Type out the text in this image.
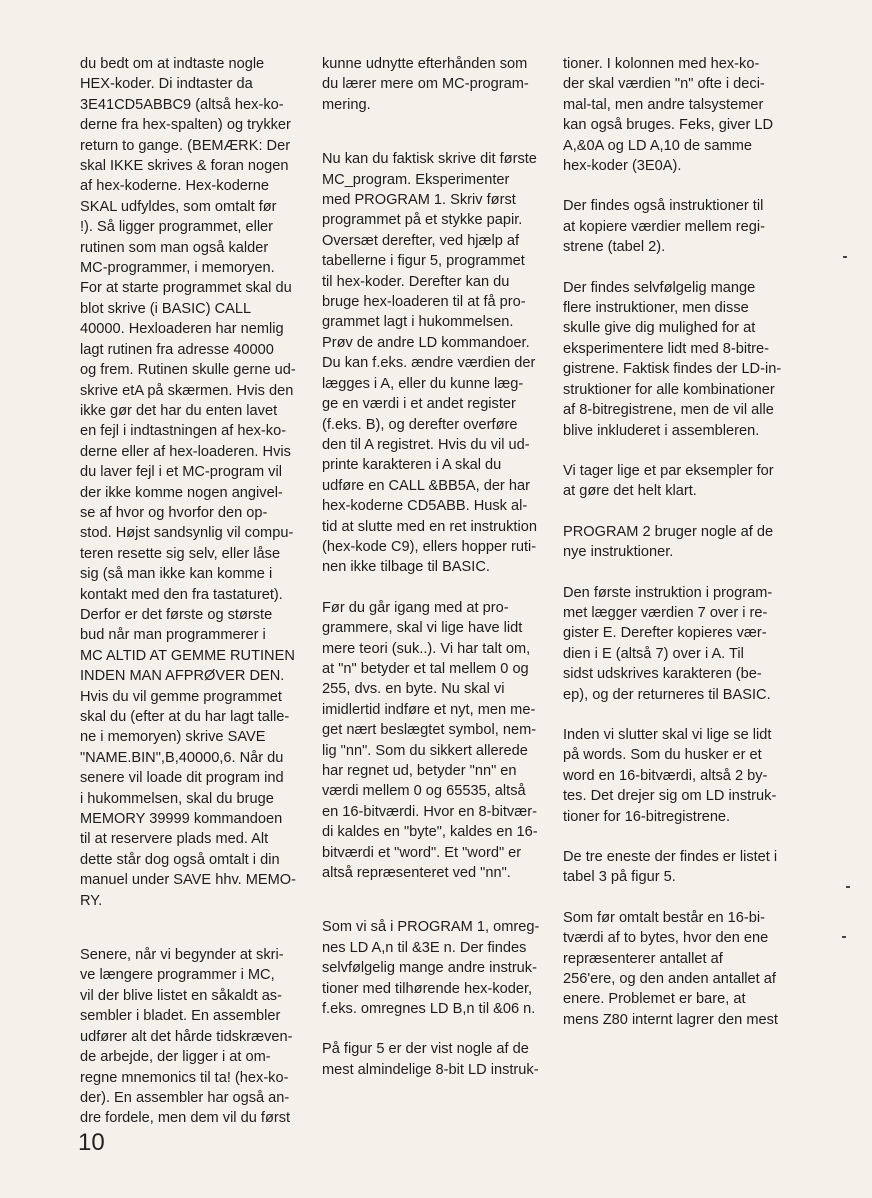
du bedt om at indtaste nogle
HEX-koder. Di indtaster da
3E41CD5ABBC9 (altså hex-ko-
derne fra hex-spalten) og trykker
return to gange. (BEMÆRK: Der
skal IKKE skrives & foran nogen
af hex-koderne. Hex-koderne
SKAL udfyldes, som omtalt før
!). Så ligger programmet, eller
rutinen som man også kalder
MC-programmer, i memoryen.
For at starte programmet skal du
blot skrive (i BASIC) CALL
40000. Hexloaderen har nemlig
lagt rutinen fra adresse 40000
og frem. Rutinen skulle gerne ud-
skrive etA på skærmen. Hvis den
ikke gør det har du enten lavet
en fejl i indtastningen af hex-ko-
derne eller af hex-loaderen. Hvis
du laver fejl i et MC-program vil
der ikke komme nogen angivel-
se af hvor og hvorfor den op-
stod. Højst sandsynlig vil compu-
teren resette sig selv, eller låse
sig (så man ikke kan komme i
kontakt med den fra tastaturet).
Derfor er det første og største
bud når man programmerer i
MC ALTID AT GEMME RUTINEN
INDEN MAN AFPRØVER DEN.
Hvis du vil gemme programmet
skal du (efter at du har lagt talle-
ne i memoryen) skrive SAVE
"NAME.BIN",B,40000,6. Når du
senere vil loade dit program ind
i hukommelsen, skal du bruge
MEMORY 39999 kommandoen
til at reservere plads med. Alt
dette står dog også omtalt i din
manuel under SAVE hhv. MEMO-
RY.
Senere, når vi begynder at skri-
ve længere programmer i MC,
vil der blive listet en såkaldt as-
sembler i bladet. En assembler
udfører alt det hårde tidskræven-
de arbejde, der ligger i at om-
regne mnemonics til ta! (hex-ko-
der). En assembler har også an-
dre fordele, men dem vil du først
kunne udnytte efterhånden som
du lærer mere om MC-program-
mering.
Nu kan du faktisk skrive dit første
MC_program. Eksperimenter
med PROGRAM 1. Skriv først
programmet på et stykke papir.
Oversæt derefter, ved hjælp af
tabellerne i figur 5, programmet
til hex-koder. Derefter kan du
bruge hex-loaderen til at få pro-
grammet lagt i hukommelsen.
Prøv de andre LD kommandoer.
Du kan f.eks. ændre værdien der
lægges i A, eller du kunne læg-
ge en værdi i et andet register
(f.eks. B), og derefter overføre
den til A registret. Hvis du vil ud-
printe karakteren i A skal du
udføre en CALL &BB5A, der har
hex-koderne CD5ABB. Husk al-
tid at slutte med en ret instruktion
(hex-kode C9), ellers hopper ruti-
nen ikke tilbage til BASIC.
Før du går igang med at pro-
grammere, skal vi lige have lidt
mere teori (suk..). Vi har talt om,
at "n" betyder et tal mellem 0 og
255, dvs. en byte. Nu skal vi
imidlertid indføre et nyt, men me-
get nært beslægtet symbol, nem-
lig "nn". Som du sikkert allerede
har regnet ud, betyder "nn" en
værdi mellem 0 og 65535, altså
en 16-bitværdi. Hvor en 8-bitvær-
di kaldes en "byte", kaldes en 16-
bitværdi et "word". Et "word" er
altså repræsenteret ved "nn".
Som vi så i PROGRAM 1, omreg-
nes LD A,n til &3E n. Der findes
selvfølgelig mange andre instruk-
tioner med tilhørende hex-koder,
f.eks. omregnes LD B,n til &06 n.
På figur 5 er der vist nogle af de
mest almindelige 8-bit LD instruk-
tioner. I kolonnen med hex-ko-
der skal værdien "n" ofte i deci-
mal-tal, men andre talsystemer
kan også bruges. Feks, giver LD
A,&0A og LD A,10 de samme
hex-koder (3E0A).
Der findes også instruktioner til
at kopiere værdier mellem regi-
strene (tabel 2).
Der findes selvfølgelig mange
flere instruktioner, men disse
skulle give dig mulighed for at
eksperimentere lidt med 8-bitre-
gistrene. Faktisk findes der LD-in-
struktioner for alle kombinationer
af 8-bitregistrene, men de vil alle
blive inkluderet i assembleren.
Vi tager lige et par eksempler for
at gøre det helt klart.
PROGRAM 2 bruger nogle af de
nye instruktioner.
Den første instruktion i program-
met lægger værdien 7 over i re-
gister E. Derefter kopieres vær-
dien i E (altså 7) over i A. Til
sidst udskrives karakteren (be-
ep), og der returneres til BASIC.
Inden vi slutter skal vi lige se lidt
på words. Som du husker er et
word en 16-bitværdi, altså 2 by-
tes. Det drejer sig om LD instruk-
tioner for 16-bitregistrene.
De tre eneste der findes er listet i
tabel 3 på figur 5.
Som før omtalt består en 16-bi-
tværdi af to bytes, hvor den ene
repræsenterer antallet af
256'ere, og den anden antallet af
enere. Problemet er bare, at
mens Z80 internt lagrer den mest
10
